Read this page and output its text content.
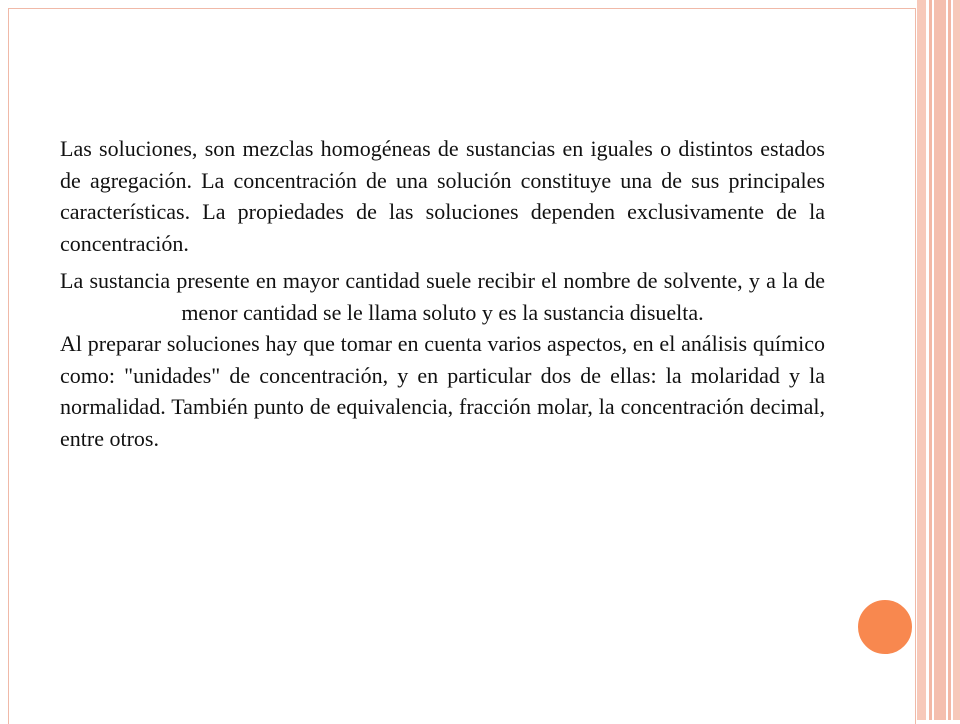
Las soluciones, son mezclas homogéneas de sustancias en iguales o distintos estados de agregación. La concentración de una solución constituye una de sus principales características. La propiedades de las soluciones dependen exclusivamente de la concentración.

La sustancia presente en mayor cantidad suele recibir el nombre de solvente, y a la de menor cantidad se le llama soluto y es la sustancia disuelta.

Al preparar soluciones hay que tomar en cuenta varios aspectos, en el análisis químico como: "unidades" de concentración, y en particular dos de ellas: la molaridad y la normalidad. También punto de equivalencia, fracción molar, la concentración decimal, entre otros.
